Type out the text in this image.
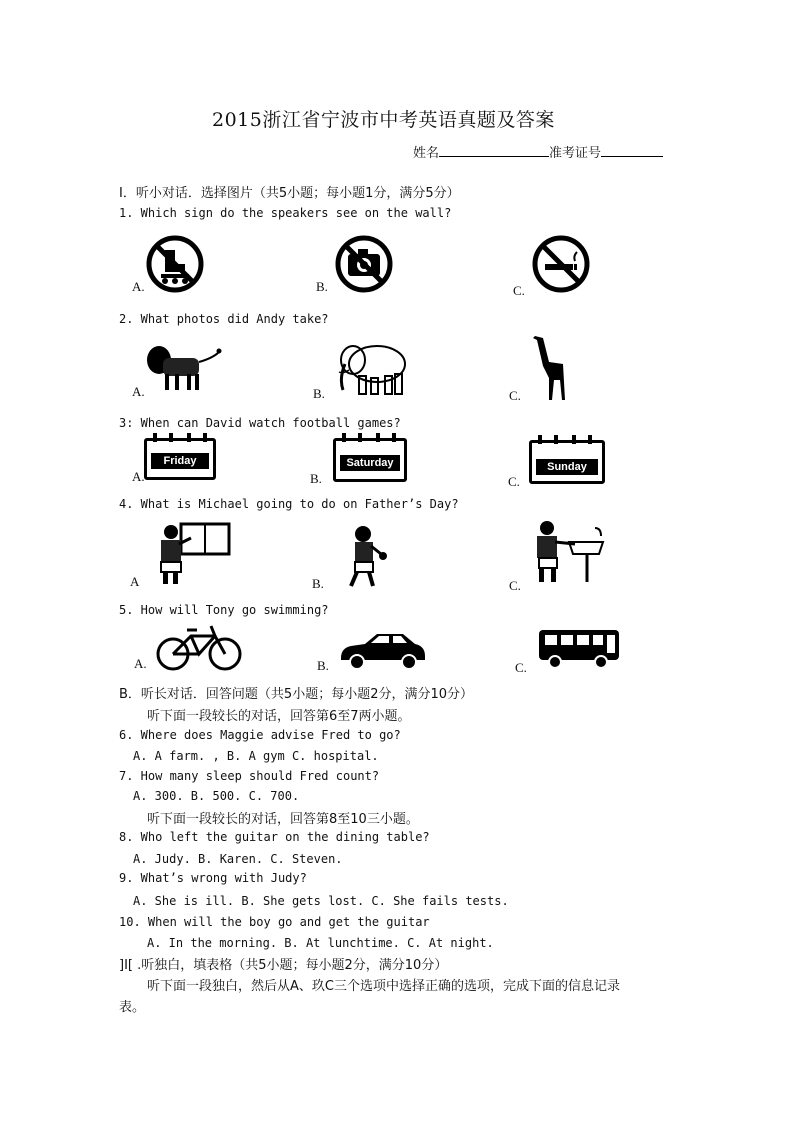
2015浙江省宁波市中考英语真题及答案
姓名	准考证号
I．听小对话．选择图片（共5小题；每小题1分，满分5分）
1. Which sign do the speakers see on the wall?
A.	B.	C.
2. What photos did Andy take?
A.	B.	C.
3: When can David watch football games?
A.
Friday
B.
Saturday
C.
Sunday
4. What is Michael going to do on Father’s Day?
A	B.	C.
5. How will Tony go swimming?
A.	B.	C.
B．听长对话．回答问题（共5小题；每小题2分，满分10分）
听下面一段较长的对话，回答第6至7两小题。
6. Where does Maggie advise Fred to go?
A. A farm. , B. A gym C. hospital.
7. How many sleep should Fred count?
A. 300. B. 500. C. 700.
听下面一段较长的对话，回答第8至10三小题。
8. Who left the guitar on the dining table?
A. Judy. B. Karen. C. Steven.
9. What’s wrong with Judy?
A. She is ill. B. She gets lost. C. She fails tests.
10. When will the boy go and get the guitar
A. In the morning. B. At lunchtime. C. At night.
]I[ .听独白，填表格（共5小题；每小题2分，满分10分）
听下面一段独白，然后从A、玖C三个选项中选择正确的选项，完成下面的信息记录
表。
